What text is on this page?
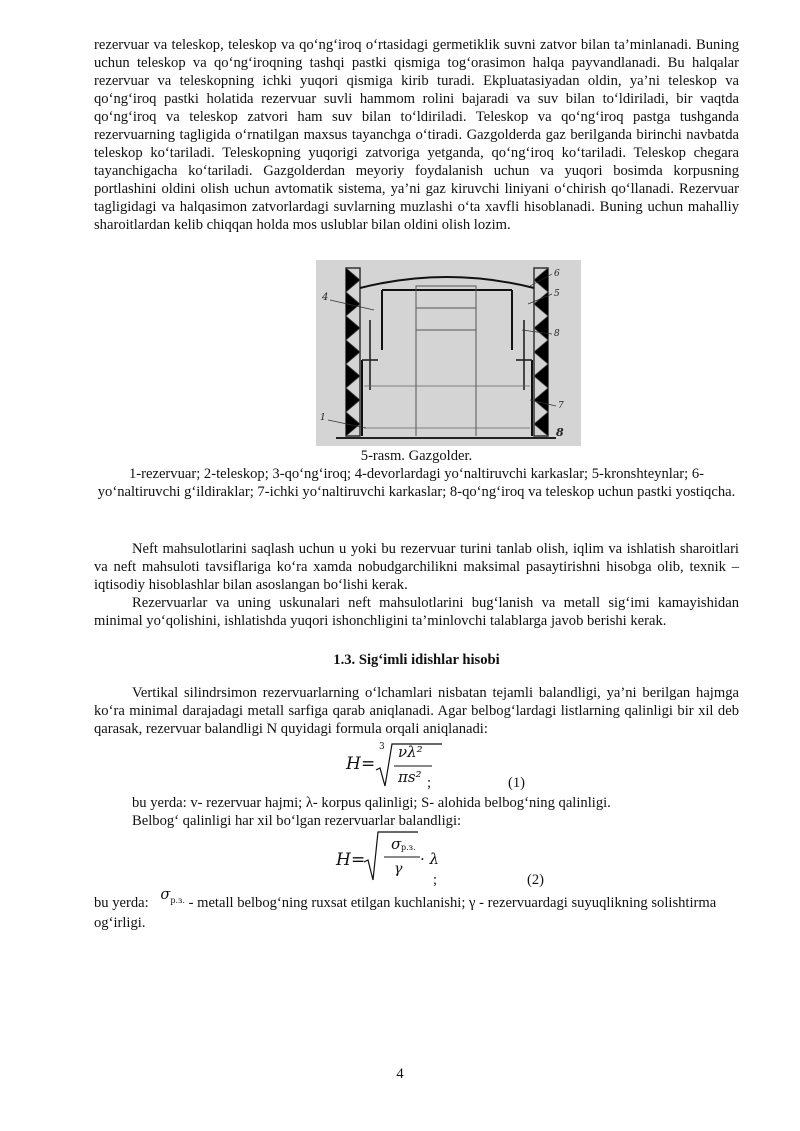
rezervuar va teleskop, teleskop va qo‘ng‘iroq o‘rtasidagi germetiklik suvni zatvor bilan ta’minlanadi. Buning uchun teleskop va qo‘ng‘iroqning tashqi pastki qismiga tog‘orasimon halqa payvandlanadi. Bu halqalar rezervuar va teleskopning ichki yuqori qismiga kirib turadi. Ekpluatasiyadan oldin, ya’ni teleskop va qo‘ng‘iroq pastki holatida rezervuar suvli hammom rolini bajaradi va suv bilan to‘ldiriladi, bir vaqtda qo‘ng‘iroq va teleskop zatvori ham suv bilan to‘ldiriladi. Teleskop va qo‘ng‘iroq pastga tushganda rezervuarning tagligida o‘rnatilgan maxsus tayanchga o‘tiradi. Gazgolderda gaz berilganda birinchi navbatda teleskop ko‘tariladi. Teleskopning yuqorigi zatvoriga yetganda, qo‘ng‘iroq ko‘tariladi. Teleskop chegara tayanchigacha ko‘tariladi. Gazgolderdan meyoriy foydalanish uchun va yuqori bosimda korpusning portlashini oldini olish uchun avtomatik sistema, ya’ni gaz kiruvchi liniyani o‘chirish qo‘llanadi. Rezervuar tagligidagi va halqasimon zatvorlardagi suvlarning muzlashi o‘ta xavfli hisoblanadi. Buning uchun mahalliy sharoitlardan kelib chiqqan holda mos uslublar bilan oldini olish lozim.

4
6
5
8
1
7
8
5-rasm. Gazgolder.
1-rezervuar; 2-teleskop; 3-qo‘ng‘iroq; 4-devorlardagi yo‘naltiruvchi karkaslar; 5-kronshteynlar; 6-yo‘naltiruvchi g‘ildiraklar; 7-ichki yo‘naltiruvchi karkaslar; 8-qo‘ng‘iroq va teleskop uchun pastki yostiqcha.

Neft mahsulotlarini saqlash uchun u yoki bu rezervuar turini tanlab olish, iqlim va ishlatish sharoitlari va neft mahsuloti tavsiflariga ko‘ra xamda nobudgarchilikni maksimal pasaytirishni hisobga olib, texnik – iqtisodiy hisoblashlar bilan asoslangan bo‘lishi kerak.

Rezervuarlar va uning uskunalari neft mahsulotlarini bug‘lanish va metall sig‘imi kamayishidan minimal yo‘qolishini, ishlatishda yuqori ishonchligini ta’minlovchi talablarga javob berishi kerak.

1.3. Sig‘imli idishlar hisobi

Vertikal silindrsimon rezervuarlarning o‘lchamlari nisbatan tejamli balandligi, ya’ni berilgan hajmga ko‘ra minimal darajadagi metall sarfiga qarab aniqlanadi. Agar belbog‘lardagi listlarning qalinligi bir xil deb qarasak, rezervuar balandligi N quyidagi formula orqali aniqlanadi:

H =
3 νλ²
πs² ;	(1)
bu yerda: v- rezervuar hajmi; λ- korpus qalinligi; S- alohida belbog‘ning qalinligi.
Belbog‘ qalinligi har xil bo‘lgan rezervuarlar balandligi:
H =
σ p.з.
γ
· λ
;	(2)
bu yerda: $\sigma^{p.з.}$ - metall belbog‘ning ruxsat etilgan kuchlanishi; γ - rezervuardagi suyuqlikning solishtirma og‘irligi.
4
